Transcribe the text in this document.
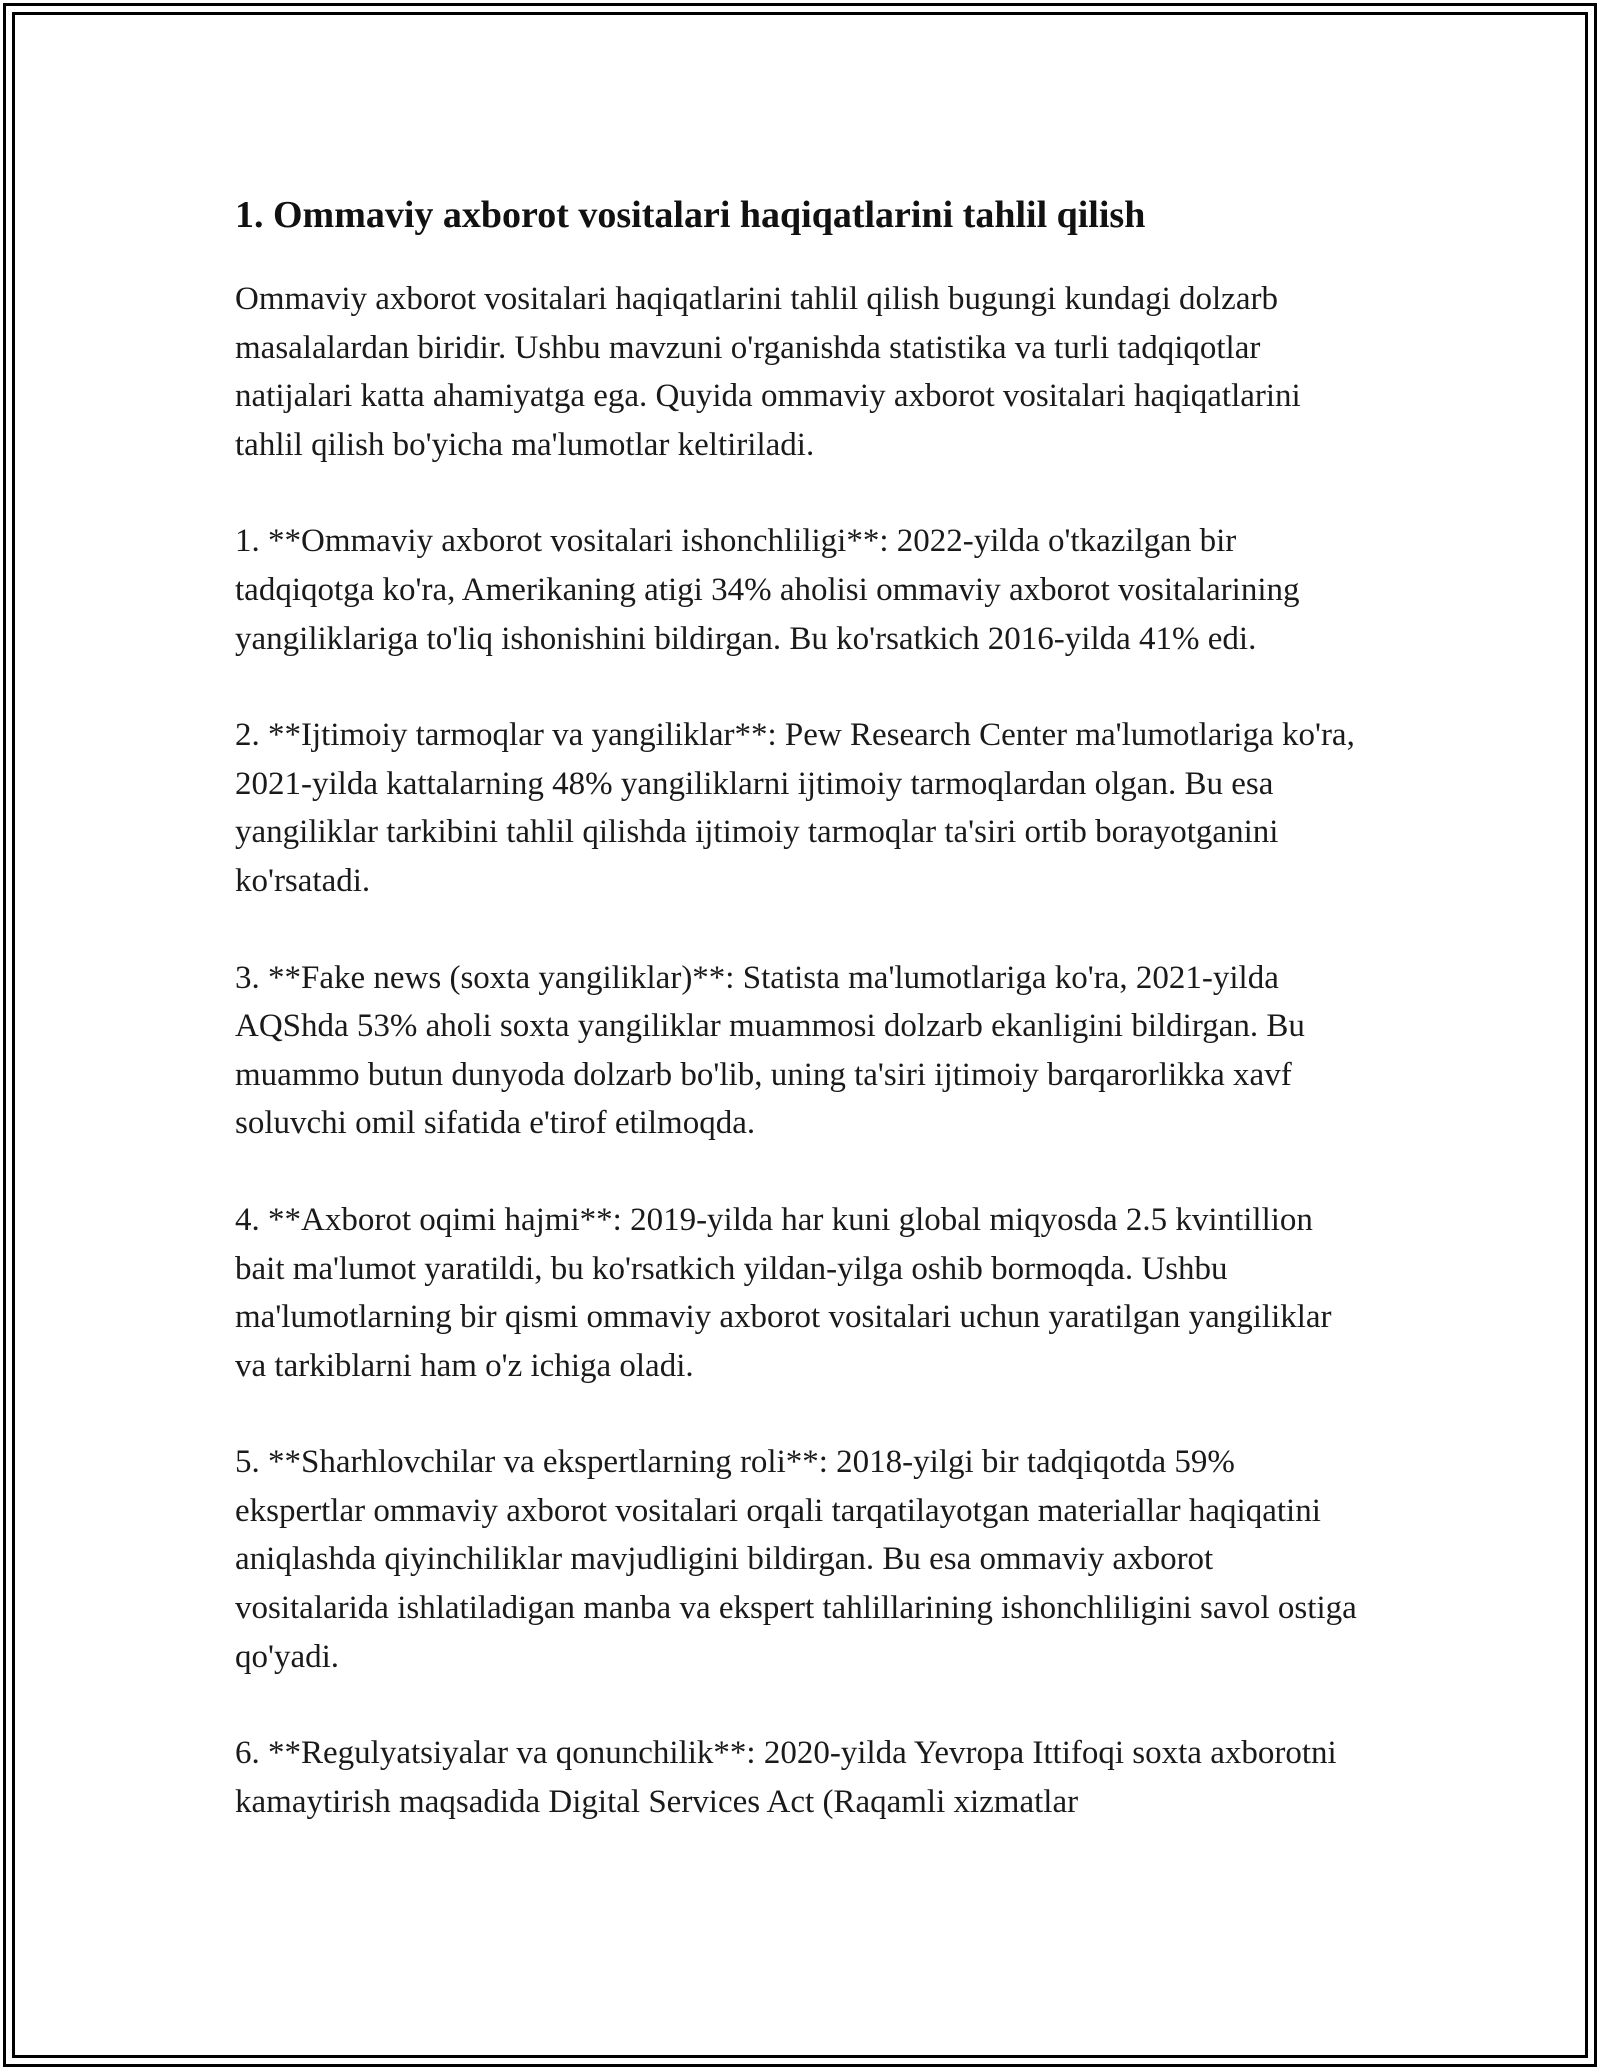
1. Ommaviy axborot vositalari haqiqatlarini tahlil qilish

Ommaviy axborot vositalari haqiqatlarini tahlil qilish bugungi kundagi dolzarb masalalardan biridir. Ushbu mavzuni o'rganishda statistika va turli tadqiqotlar natijalari katta ahamiyatga ega. Quyida ommaviy axborot vositalari haqiqatlarini tahlil qilish bo'yicha ma'lumotlar keltiriladi.

1. **Ommaviy axborot vositalari ishonchliligi**: 2022-yilda o'tkazilgan bir tadqiqotga ko'ra, Amerikaning atigi 34% aholisi ommaviy axborot vositalarining yangiliklariga to'liq ishonishini bildirgan. Bu ko'rsatkich 2016-yilda 41% edi.

2. **Ijtimoiy tarmoqlar va yangiliklar**: Pew Research Center ma'lumotlariga ko'ra, 2021-yilda kattalarning 48% yangiliklarni ijtimoiy tarmoqlardan olgan. Bu esa yangiliklar tarkibini tahlil qilishda ijtimoiy tarmoqlar ta'siri ortib borayotganini ko'rsatadi.

3. **Fake news (soxta yangiliklar)**: Statista ma'lumotlariga ko'ra, 2021-yilda AQShda 53% aholi soxta yangiliklar muammosi dolzarb ekanligini bildirgan. Bu muammo butun dunyoda dolzarb bo'lib, uning ta'siri ijtimoiy barqarorlikka xavf soluvchi omil sifatida e'tirof etilmoqda.

4. **Axborot oqimi hajmi**: 2019-yilda har kuni global miqyosda 2.5 kvintillion bait ma'lumot yaratildi, bu ko'rsatkich yildan-yilga oshib bormoqda. Ushbu ma'lumotlarning bir qismi ommaviy axborot vositalari uchun yaratilgan yangiliklar va tarkiblarni ham o'z ichiga oladi.

5. **Sharhlovchilar va ekspertlarning roli**: 2018-yilgi bir tadqiqotda 59% ekspertlar ommaviy axborot vositalari orqali tarqatilayotgan materiallar haqiqatini aniqlashda qiyinchiliklar mavjudligini bildirgan. Bu esa ommaviy axborot vositalarida ishlatiladigan manba va ekspert tahlillarining ishonchliligini savol ostiga qo'yadi.

6. **Regulyatsiyalar va qonunchilik**: 2020-yilda Yevropa Ittifoqi soxta axborotni kamaytirish maqsadida Digital Services Act (Raqamli xizmatlar
